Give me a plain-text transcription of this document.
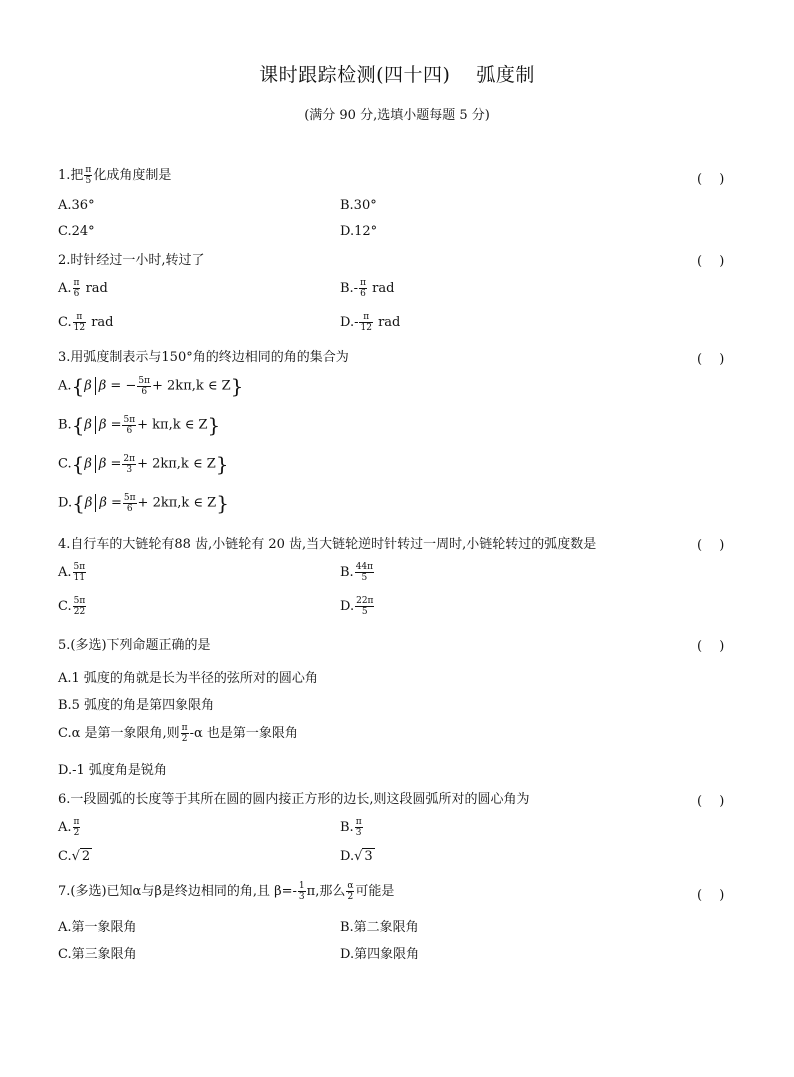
课时跟踪检测(四十四)　 弧度制
(满分 90 分,选填小题每题 5 分)
1.把 $\frac{\pi}{5}$ 化成角度制是	(　 )
A.36°	B.30°
C.24°	D.12°
2.时针经过一小时,转过了	(　 )
A. $\frac{\pi}{6}$ rad	$B.- \frac{\pi}{6}$ rad
C. $\frac{\pi}{12}$ rad	$D.- \frac{\pi}{12}$ rad
3.用弧度制表示与150°角的终边相同的角的集合为	(　 )
A.{β β = − $\frac{5\pi}{6} + 2k\pi,k$ ∈ Z}
B.{β $\beta = \frac{5\pi}{6} + k\pi,k$ ∈ Z}
C.{β $\beta = \frac{2\pi}{3} + 2k\pi,k$ ∈ Z}
D.{β $\beta = \frac{5\pi}{6} + 2k\pi,k$ ∈ Z}
4.自行车的大链轮有88 齿,小链轮有 20 齿,当大链轮逆时针转过一周时,小链轮转过的弧度数是	(　 )
A. $\frac{5\pi}{11}$	B. $\frac{44\pi}{5}$
C. $\frac{5\pi}{22}$	D. $\frac{22\pi}{5}$
5.(多选)下列命题正确的是	(　 )
A.1 弧度的角就是长为半径的弦所对的圆心角
B.5 弧度的角是第四象限角
C.α 是第一象限角,则 $\frac{\pi}{2} -\alpha$ 也是第一象限角
D.-1 弧度角是锐角
6.一段圆弧的长度等于其所在圆的圆内接正方形的边长,则这段圆弧所对的圆心角为	(　 )
A. $\frac{\pi}{2}$	B. $\frac{\pi}{3}$
C.√ 2	D.√ 3
7.(多选)已知α与β是终边相同的角,且 $\beta=- \frac{1}{3} \pi$,那么 $\frac{\alpha}{2}$ 可能是	(　 )
A.第一象限角	B.第二象限角
C.第三象限角	D.第四象限角
